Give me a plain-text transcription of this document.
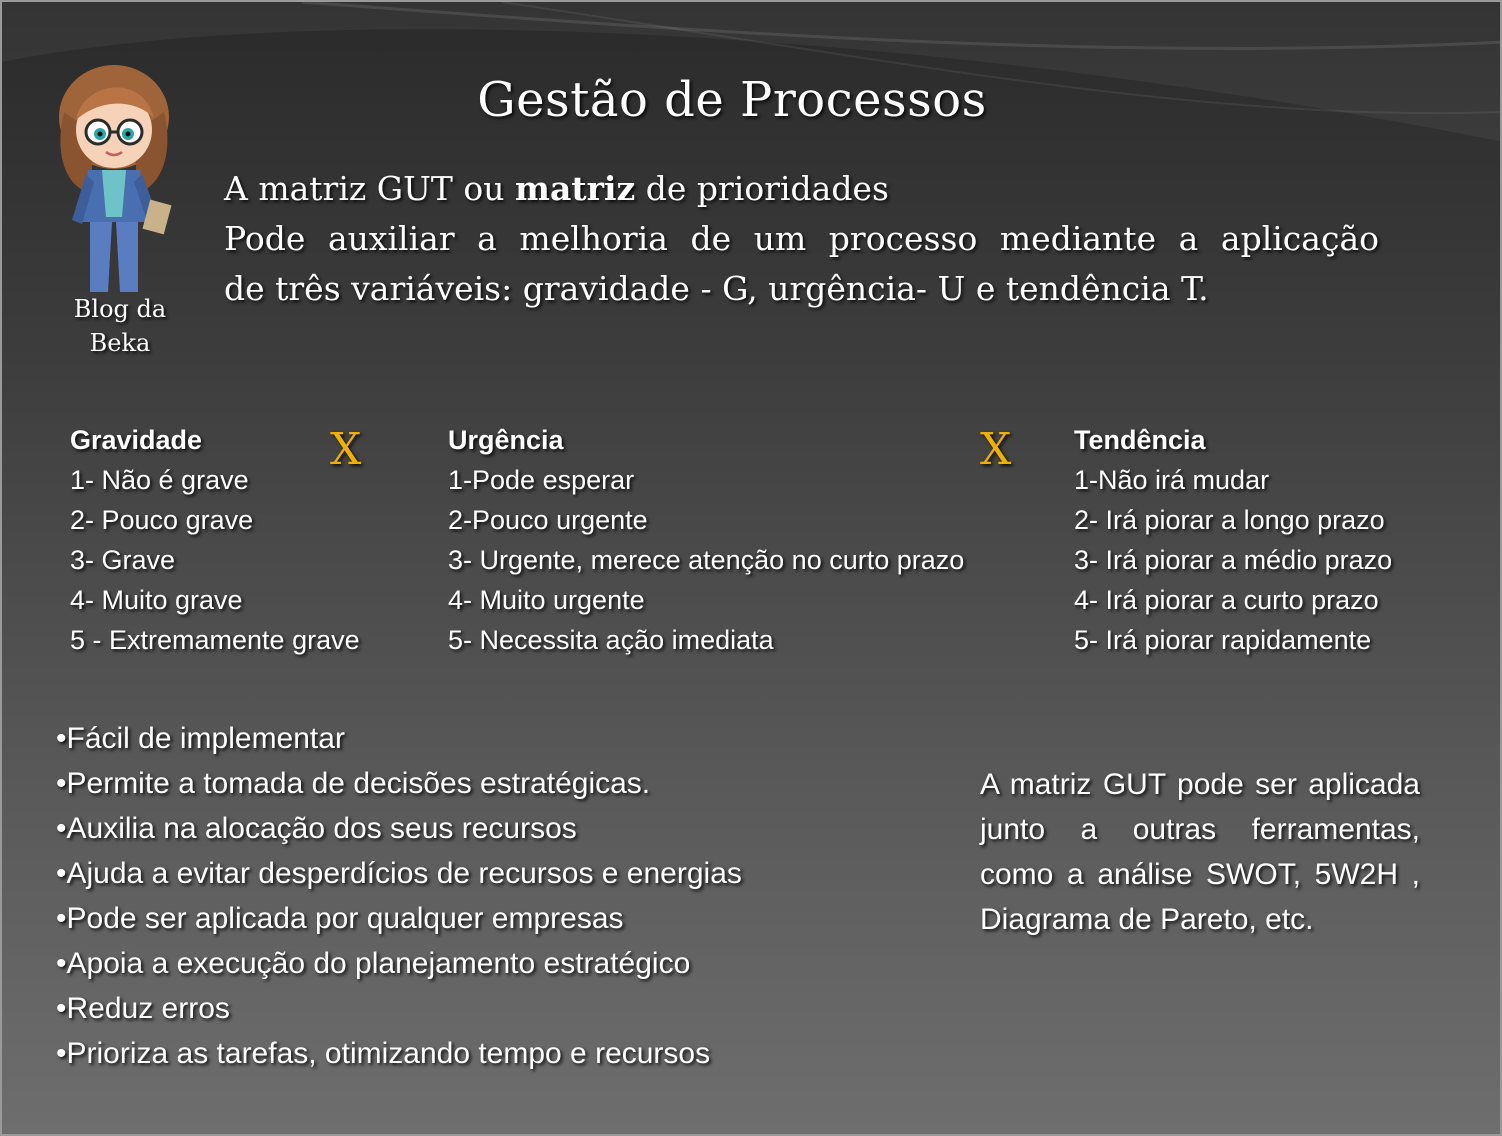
Blog da
Beka
Gestão de Processos
A matriz GUT ou matriz de prioridades
Pode auxiliar a melhoria de um processo mediante a aplicação
de três variáveis: gravidade - G, urgência- U e tendência T.
Gravidade
1- Não é grave
2- Pouco grave
3- Grave
4- Muito grave
5 - Extremamente grave
X	Urgência
1-Pode esperar
2-Pouco urgente
3- Urgente, merece atenção no curto prazo
4- Muito urgente
5- Necessita ação imediata
X Tendência
1-Não irá mudar
2- Irá piorar a longo prazo
3- Irá piorar a médio prazo
4- Irá piorar a curto prazo
5- Irá piorar rapidamente
•Fácil de implementar
•Permite a tomada de decisões estratégicas.
•Auxilia na alocação dos seus recursos
•Ajuda a evitar desperdícios de recursos e energias
•Pode ser aplicada por qualquer empresas
•Apoia a execução do planejamento estratégico
•Reduz erros
•Prioriza as tarefas, otimizando tempo e recursos
A matriz GUT pode ser aplicada junto a outras ferramentas, como a análise SWOT, 5W2H , Diagrama de Pareto, etc.
